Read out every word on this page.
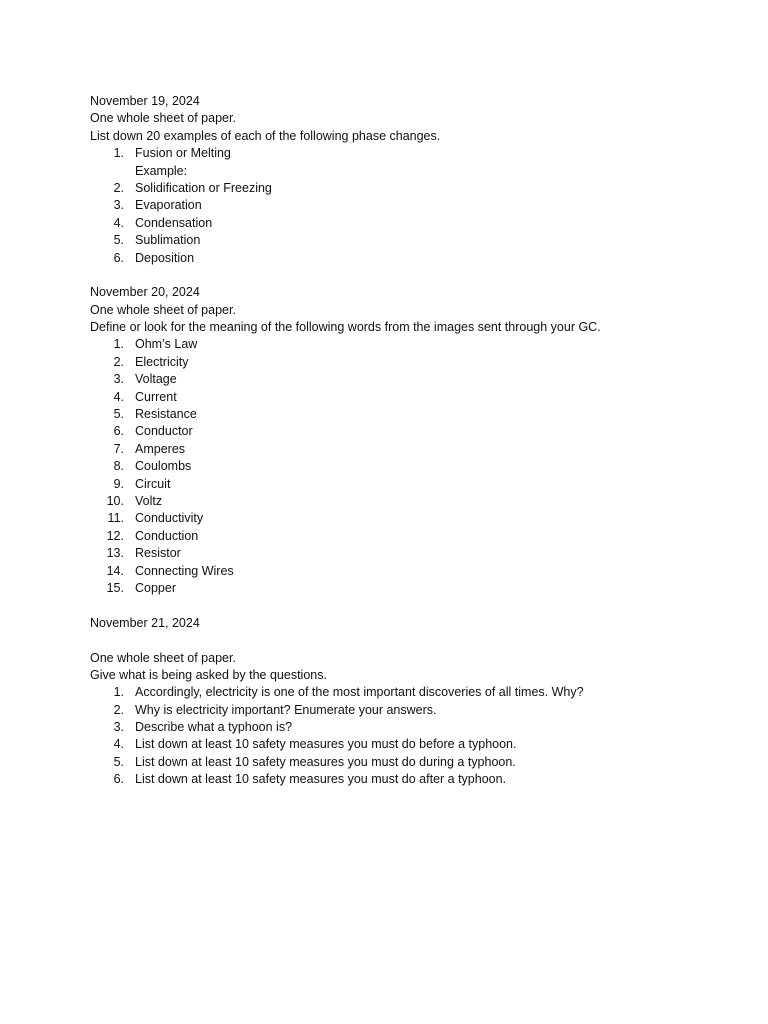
November 19, 2024
One whole sheet of paper.
List down 20 examples of each of the following phase changes.
1. Fusion or Melting
Example:
2. Solidification or Freezing
3. Evaporation
4. Condensation
5. Sublimation
6. Deposition
November 20, 2024
One whole sheet of paper.
Define or look for the meaning of the following words from the images sent through your GC.
1. Ohm’s Law
2. Electricity
3. Voltage
4. Current
5. Resistance
6. Conductor
7. Amperes
8. Coulombs
9. Circuit
10. Voltz
11. Conductivity
12. Conduction
13. Resistor
14. Connecting Wires
15. Copper
November 21, 2024
One whole sheet of paper.
Give what is being asked by the questions.
1. Accordingly, electricity is one of the most important discoveries of all times. Why?
2. Why is electricity important? Enumerate your answers.
3. Describe what a typhoon is?
4. List down at least 10 safety measures you must do before a typhoon.
5. List down at least 10 safety measures you must do during a typhoon.
6. List down at least 10 safety measures you must do after a typhoon.
